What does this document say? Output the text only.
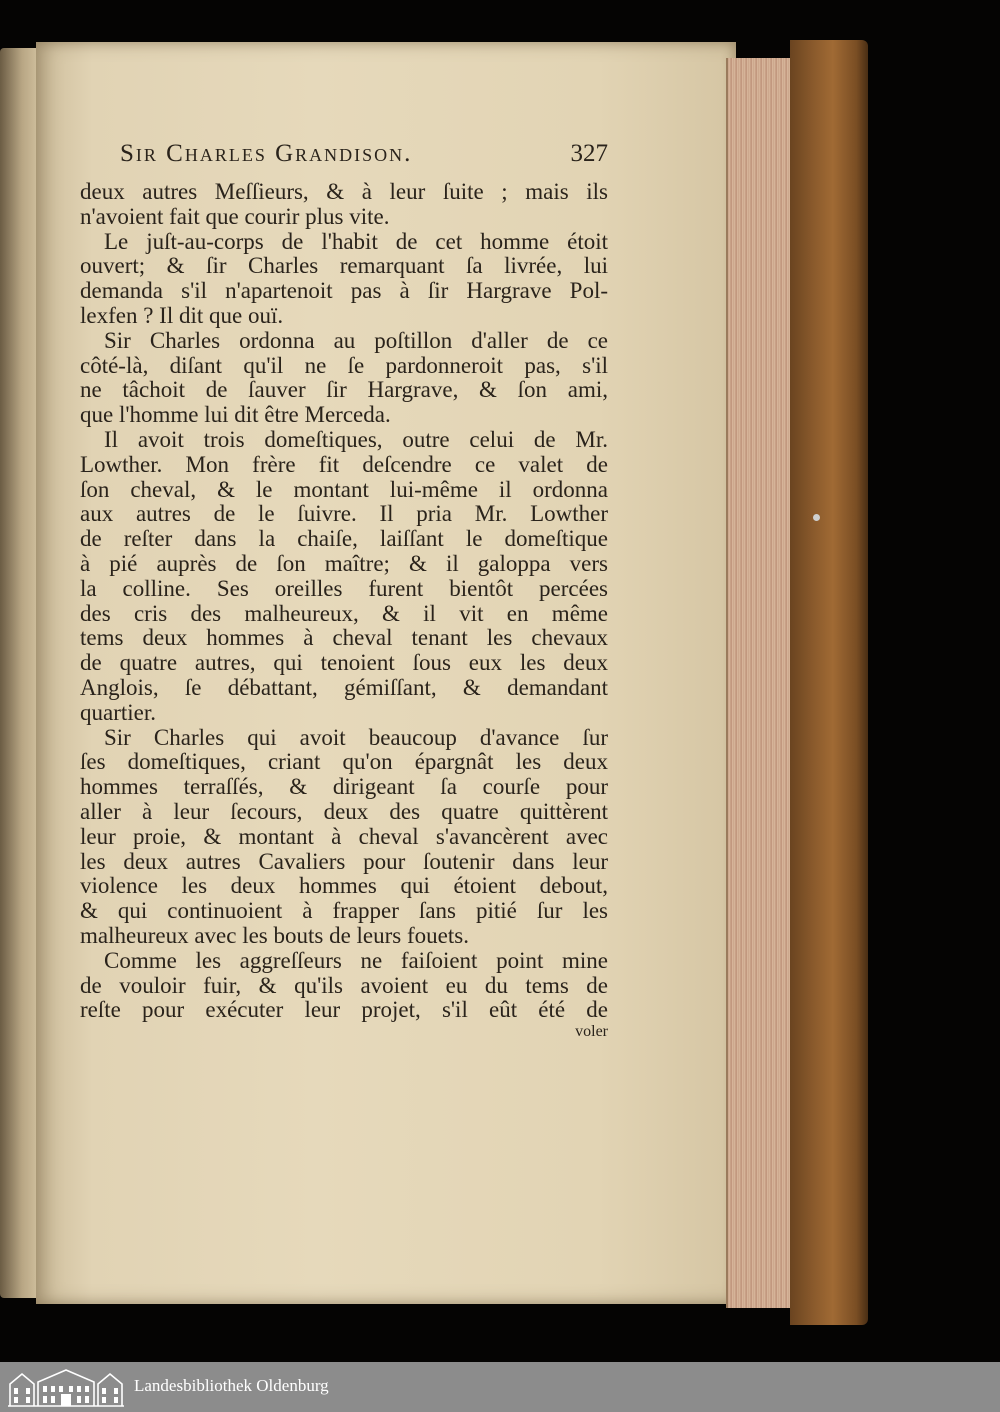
Sir Charles Grandison.	327
deux autres Meſſieurs, & à leur ſuite ; mais ils
n'avoient fait que courir plus vite.
Le juſt-au-corps de l'habit de cet homme étoit
ouvert; & ſir Charles remarquant ſa livrée, lui
demanda s'il n'apartenoit pas à ſir Hargrave Pol-
lexfen ? Il dit que ouï.
Sir Charles ordonna au poſtillon d'aller de ce
côté-là, diſant qu'il ne ſe pardonneroit pas, s'il
ne tâchoit de ſauver ſir Hargrave, & ſon ami,
que l'homme lui dit être Merceda.
Il avoit trois domeſtiques, outre celui de Mr.
Lowther. Mon frère fit deſcendre ce valet de
ſon cheval, & le montant lui-même il ordonna
aux autres de le ſuivre. Il pria Mr. Lowther
de reſter dans la chaiſe, laiſſant le domeſtique
à pié auprès de ſon maître; & il galoppa vers
la colline. Ses oreilles furent bientôt percées
des cris des malheureux, & il vit en même
tems deux hommes à cheval tenant les chevaux
de quatre autres, qui tenoient ſous eux les deux
Anglois, ſe débattant, gémiſſant, & demandant
quartier.
Sir Charles qui avoit beaucoup d'avance ſur
ſes domeſtiques, criant qu'on épargnât les deux
hommes terraſſés, & dirigeant ſa courſe pour
aller à leur ſecours, deux des quatre quittèrent
leur proie, & montant à cheval s'avancèrent avec
les deux autres Cavaliers pour ſoutenir dans leur
violence les deux hommes qui étoient debout,
& qui continuoient à frapper ſans pitié ſur les
malheureux avec les bouts de leurs fouets.
Comme les aggreſſeurs ne faiſoient point mine
de vouloir fuir, & qu'ils avoient eu du tems de
reſte pour exécuter leur projet, s'il eût été de
voler
Landesbibliothek Oldenburg
